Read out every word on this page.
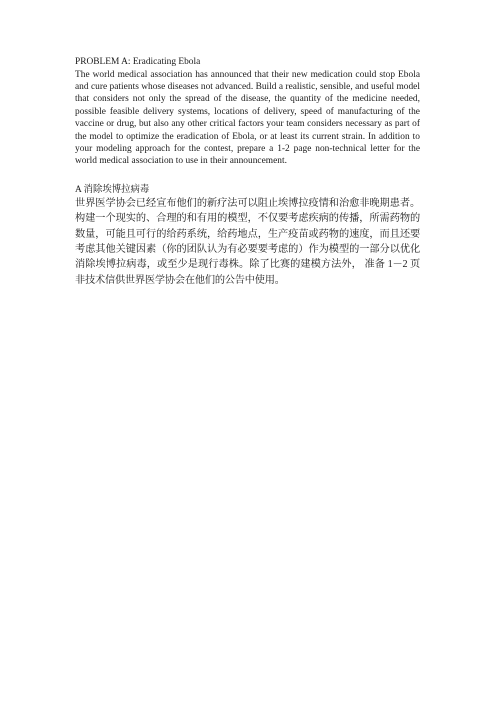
PROBLEM A: Eradicating Ebola

The world medical association has announced that their new medication could stop Ebola and cure patients whose diseases not advanced. Build a realistic, sensible, and useful model that considers not only the spread of the disease, the quantity of the medicine needed, possible feasible delivery systems, locations of delivery, speed of manufacturing of the vaccine or drug, but also any other critical factors your team considers necessary as part of the model to optimize the eradication of Ebola, or at least its current strain. In addition to your modeling approach for the contest, prepare a 1-2 page non-technical letter for the world medical association to use in their announcement.

A 消除埃博拉病毒

世界医学协会已经宣布他们的新疗法可以阻止埃博拉疫情和治愈非晚期患者。构建一个现实的、合理的和有用的模型，不仅要考虑疾病的传播，所需药物的数量，可能且可行的给药系统，给药地点，生产疫苗或药物的速度，而且还要考虑其他关键因素（你的团队认为有必要要考虑的）作为模型的一部分以优化消除埃博拉病毒，或至少是现行毒株。除了比赛的建模方法外， 准备 1－2 页非技术信供世界医学协会在他们的公告中使用。
